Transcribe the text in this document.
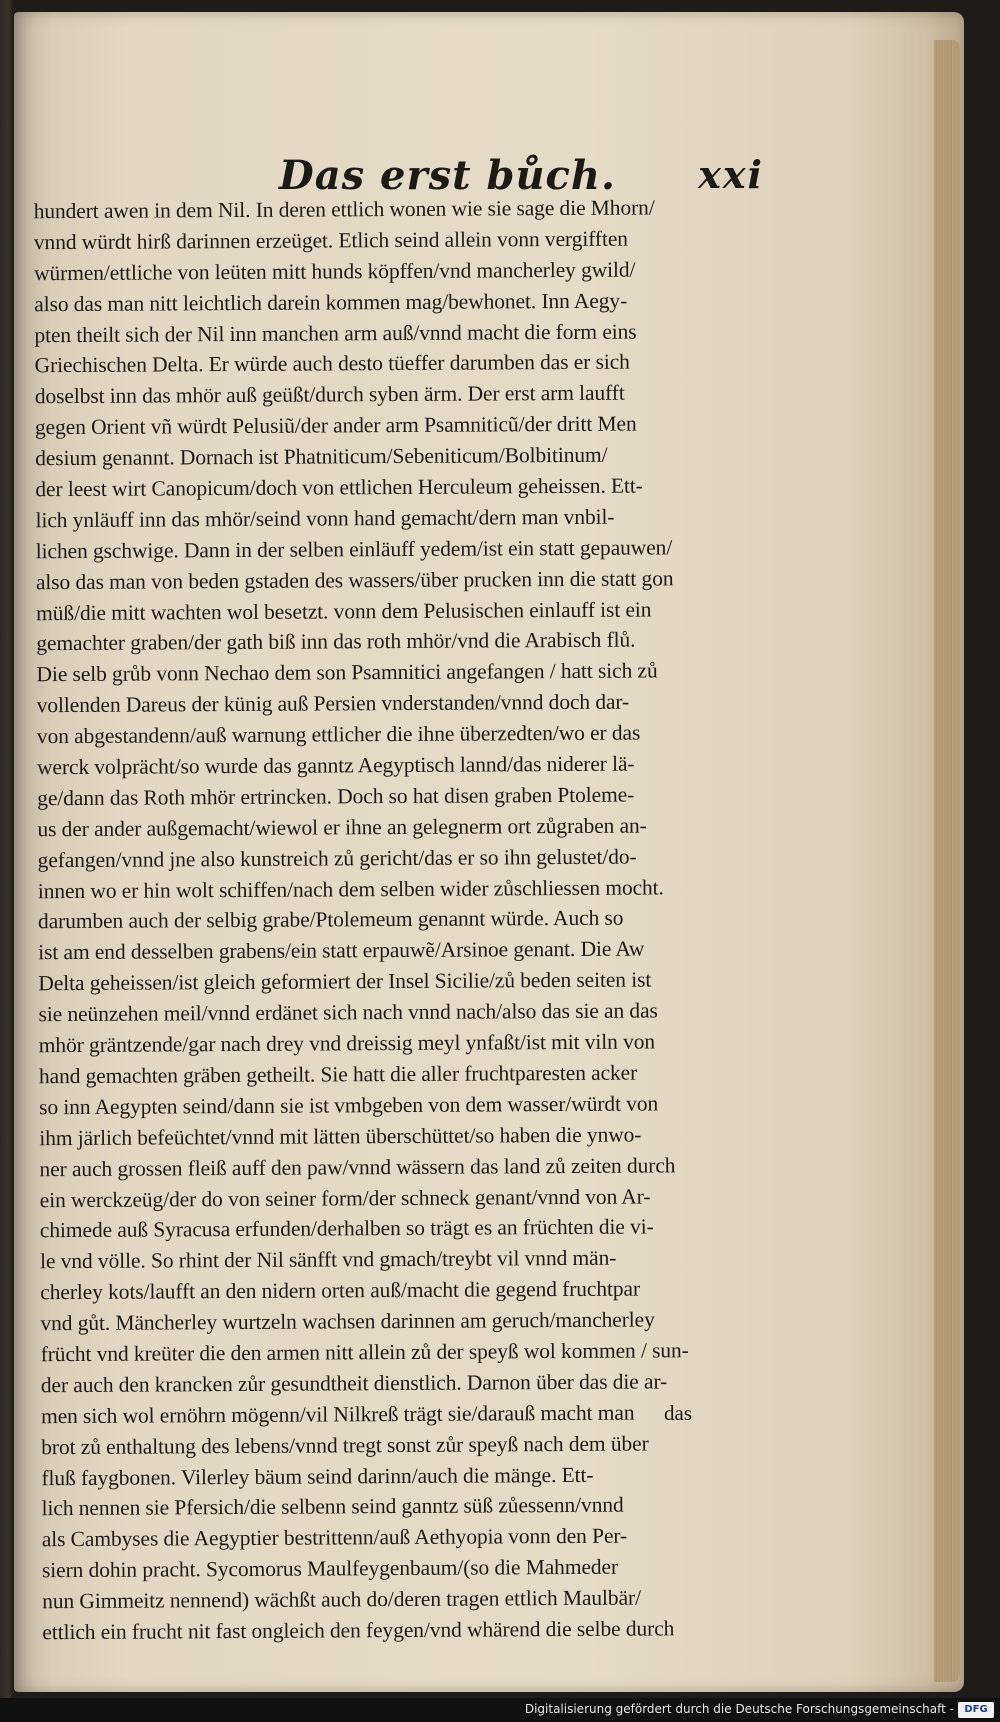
Das erst bůch. xxi
hundert awen in dem Nil. In deren ettlich wonen wie sie sage die Mhorn/
vnnd würdt hirß darinnen erzeüget. Etlich seind allein vonn vergifften
würmen/ettliche von leüten mitt hunds köpffen/vnd mancherley gwild/
also das man nitt leichtlich darein kommen mag/bewhonet. Inn Aegy-
pten theilt sich der Nil inn manchen arm auß/vnnd macht die form eins
Griechischen Delta. Er würde auch desto tüeffer darumben das er sich
doselbst inn das mhör auß geüßt/durch syben ärm. Der erst arm laufft
gegen Orient vñ würdt Pelusiũ/der ander arm Psamniticũ/der dritt Men
desium genannt. Dornach ist Phatniticum/Sebeniticum/Bolbitinum/
der leest wirt Canopicum/doch von ettlichen Herculeum geheissen. Ett-
lich ynläuff inn das mhör/seind vonn hand gemacht/dern man vnbil-
lichen gschwige. Dann in der selben einläuff yedem/ist ein statt gepauwen/
also das man von beden gstaden des wassers/über prucken inn die statt gon
müß/die mitt wachten wol besetzt. vonn dem Pelusischen einlauff ist ein
gemachter graben/der gath biß inn das roth mhör/vnd die Arabisch flů.
Die selb grůb vonn Nechao dem son Psamnitici angefangen / hatt sich zů
vollenden Dareus der künig auß Persien vnderstanden/vnnd doch dar-
von abgestandenn/auß warnung ettlicher die ihne überzedten/wo er das
werck volprächt/so wurde das ganntz Aegyptisch lannd/das niderer lä-
ge/dann das Roth mhör ertrincken. Doch so hat disen graben Ptoleme-
us der ander außgemacht/wiewol er ihne an gelegnerm ort zůgraben an-
gefangen/vnnd jne also kunstreich zů gericht/das er so ihn gelustet/do-
innen wo er hin wolt schiffen/nach dem selben wider zůschliessen mocht.
darumben auch der selbig grabe/Ptolemeum genannt würde. Auch so
ist am end desselben grabens/ein statt erpauwẽ/Arsinoe genant. Die Aw
Delta geheissen/ist gleich geformiert der Insel Sicilie/zů beden seiten ist
sie neünzehen meil/vnnd erdänet sich nach vnnd nach/also das sie an das
mhör gräntzende/gar nach drey vnd dreissig meyl ynfaßt/ist mit viln von
hand gemachten gräben getheilt. Sie hatt die aller fruchtparesten acker
so inn Aegypten seind/dann sie ist vmbgeben von dem wasser/würdt von
ihm järlich befeüchtet/vnnd mit lätten überschüttet/so haben die ynwo-
ner auch grossen fleiß auff den paw/vnnd wässern das land zů zeiten durch
ein werckzeüg/der do von seiner form/der schneck genant/vnnd von Ar-
chimede auß Syracusa erfunden/derhalben so trägt es an früchten die vi-
le vnd völle. So rhint der Nil sänfft vnd gmach/treybt vil vnnd män-
cherley kots/laufft an den nidern orten auß/macht die gegend fruchtpar
vnd gůt. Mäncherley wurtzeln wachsen darinnen am geruch/mancherley
frücht vnd kreüter die den armen nitt allein zů der speyß wol kommen / sun-
der auch den krancken zůr gesundtheit dienstlich. Darnon über das die ar-
men sich wol ernöhrn mögenn/vil Nilkreß trägt sie/darauß macht man
brot zů enthaltung des lebens/vnnd tregt sonst zůr speyß nach dem über
fluß faygbonen. Vilerley bäum seind darinn/auch die mänge. Ett-
lich nennen sie Pfersich/die selbenn seind ganntz süß zůessenn/vnnd
als Cambyses die Aegyptier bestrittenn/auß Aethyopia vonn den Per-
siern dohin pracht. Sycomorus Maulfeygenbaum/(so die Mahmeder
nun Gimmeitz nennend) wächßt auch do/deren tragen ettlich Maulbär/
ettlich ein frucht nit fast ongleich den feygen/vnd whärend die selbe durch
das
Digitalisierung gefördert durch die Deutsche Forschungsgemeinschaft -	DFG
